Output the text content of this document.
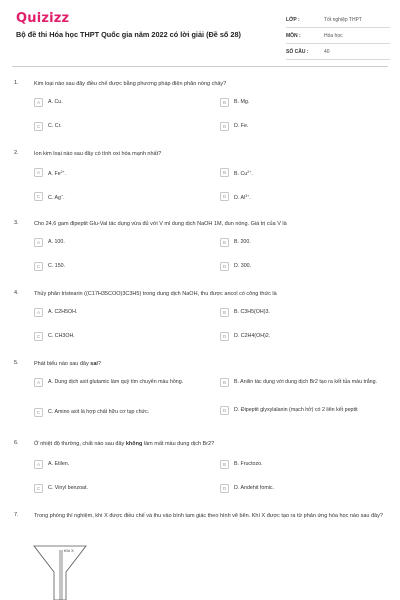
Quizizz
Bộ đề thi Hóa học THPT Quốc gia năm 2022 có lời giải (Đề số 28)
LỚP :	Tốt nghiệp THPT
MÔN :	Hóa học
SỐ CÂU :	40
1.	Kim loại nào sau đây điều chế được bằng phương pháp điện phân nóng chảy?
A	A. Cu.	B	B. Mg.
C	C. Cr.	D	D. Fe.
2.	Ion kim loại nào sau đây có tính oxi hóa mạnh nhất?
A	A. $Fe^{2+}$.	B	B. $Cu^{2+}$.
C	C. Ag+.	D	D. $Al^{3+}$.
3.	Cho 24,6 gam đipeptit Glu-Val tác dụng vừa đủ với V ml dung dịch NaOH 1M, đun nóng. Giá trị của V là
A	A. 100.	B	B. 200.
C	C. 150.	D	D. 300.
4.	Thủy phân tristearin ((C17H35COO)3C3H5) trong dung dịch NaOH, thu được ancol có công thức là
A	A. C2H5OH.	B	B. C3H5(OH)3.
C	C. CH3OH.	D	D. C2H4(OH)2.
5.	Phát biểu nào sau đây sai?
A	A. Dung dịch axit glutamic làm quỳ tím chuyển màu hồng.	B	B. Anilin tác dụng với dung dịch Br2 tạo ra kết tủa màu trắng.
C	C. Amino axit là hợp chất hữu cơ tạp chức.	D	D. Đipeptit glyxylalanin (mạch hở) có 2 liên kết peptit
6.	Ở nhiệt độ thường, chất nào sau đây không làm mất màu dung dịch Br2?
A	A. Etilen.	B	B. Fructozo.
C	C. Vinyl benzoat.	D	D. Andehit fomic.
7.	Trong phòng thí nghiệm, khí X được điều chế và thu vào bình tam giác theo hình vẽ bên. Khí X được tạo ra từ phản ứng hóa học nào sau đây?
Khí X
